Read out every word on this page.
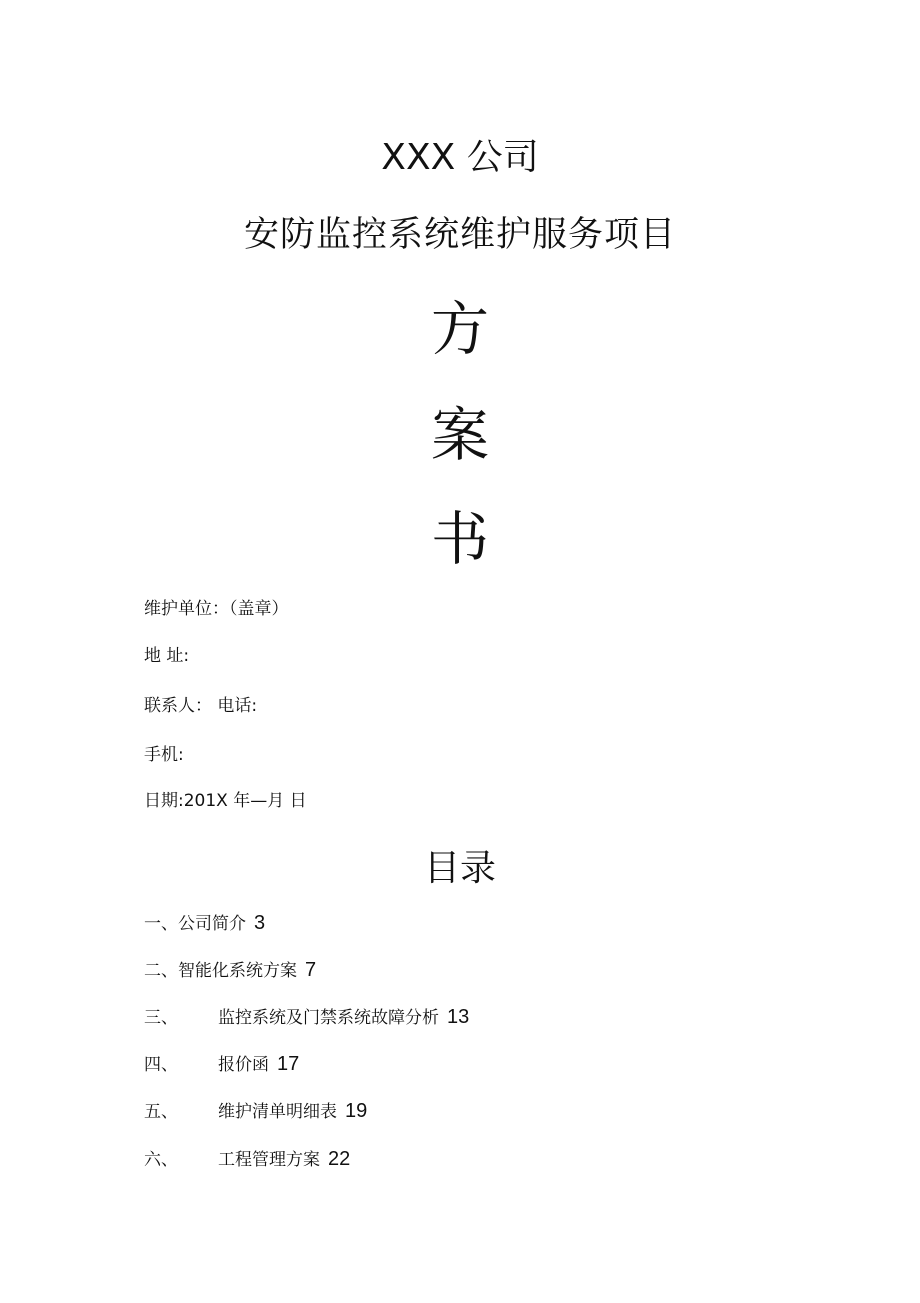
XXX 公司
安防监控系统维护服务项目
方
案
书
维护单位：（盖章）
地 址:
联系人： 电话:
手机:
日期:201X 年—月 日
目录
一、公司简介 3
二、智能化系统方案 7
三、 监控系统及门禁系统故障分析 13
四、 报价函 17
五、 维护清单明细表 19
六、 工程管理方案 22
